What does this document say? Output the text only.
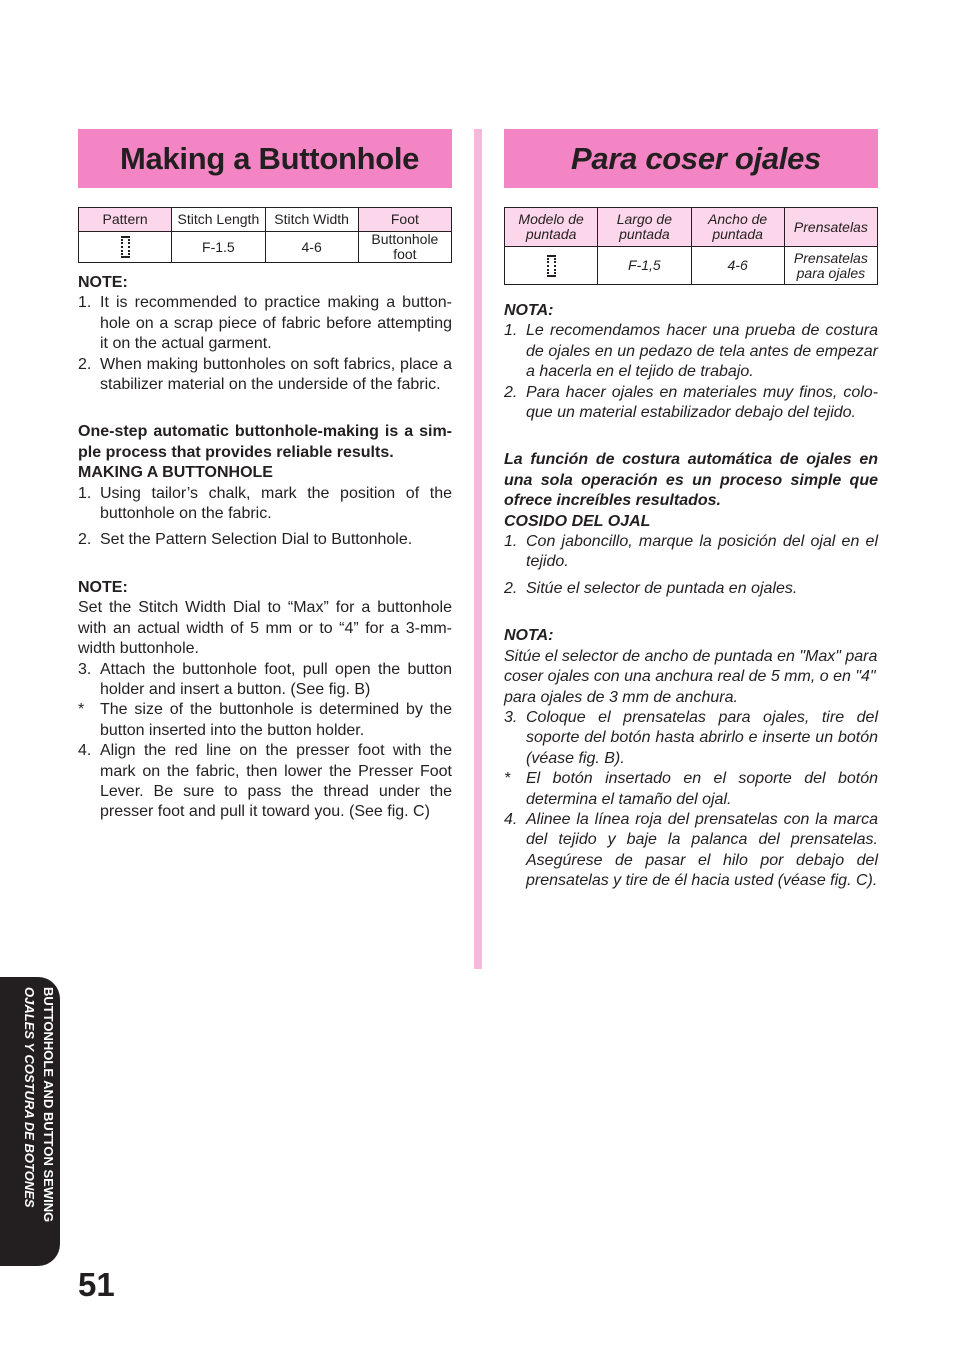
Making a Buttonhole
Pattern	Stitch Length	Stitch Width	Foot

	F-1.5	4-6	Buttonhole foot
NOTE:
1. It is recommended to practice making a button-hole on a scrap piece of fabric before attempting it on the actual garment.
2. When making buttonholes on soft fabrics, place a stabilizer material on the underside of the fabric.
One-step automatic buttonhole-making is a sim-ple process that provides reliable results.
MAKING A BUTTONHOLE
1. Using tailor’s chalk, mark the position of the buttonhole on the fabric.
2. Set the Pattern Selection Dial to Buttonhole.
NOTE:
Set the Stitch Width Dial to “Max” for a buttonhole with an actual width of 5 mm or to “4” for a 3-mm-width buttonhole.
3. Attach the buttonhole foot, pull open the button holder and insert a button. (See fig. B)
* The size of the buttonhole is determined by the button inserted into the button holder.
4. Align the red line on the presser foot with the mark on the fabric, then lower the Presser Foot Lever. Be sure to pass the thread under the presser foot and pull it toward you. (See fig. C)
Para coser ojales
Modelo de puntada	Largo de puntada	Ancho de puntada	Prensatelas

	F-1,5	4-6	Prensatelas para ojales
NOTA:
1. Le recomendamos hacer una prueba de costura de ojales en un pedazo de tela antes de empezar a hacerla en el tejido de trabajo.
2. Para hacer ojales en materiales muy finos, colo-que un material estabilizador debajo del tejido.
La función de costura automática de ojales en una sola operación es un proceso simple que ofrece increíbles resultados.
COSIDO DEL OJAL
1. Con jaboncillo, marque la posición del ojal en el tejido.
2. Sitúe el selector de puntada en ojales.
NOTA:
Sitúe el selector de ancho de puntada en "Max" para coser ojales con una anchura real de 5 mm, o en "4" para ojales de 3 mm de anchura.
3. Coloque el prensatelas para ojales, tire del soporte del botón hasta abrirlo e inserte un botón (véase fig. B).
* El botón insertado en el soporte del botón determina el tamaño del ojal.
4. Alinee la línea roja del prensatelas con la marca del tejido y baje la palanca del prensatelas. Asegúrese de pasar el hilo por debajo del prensatelas y tire de él hacia usted (véase fig. C).
BUTTONHOLE AND BUTTON SEWING
OJALES Y COSTURA DE BOTONES
51
